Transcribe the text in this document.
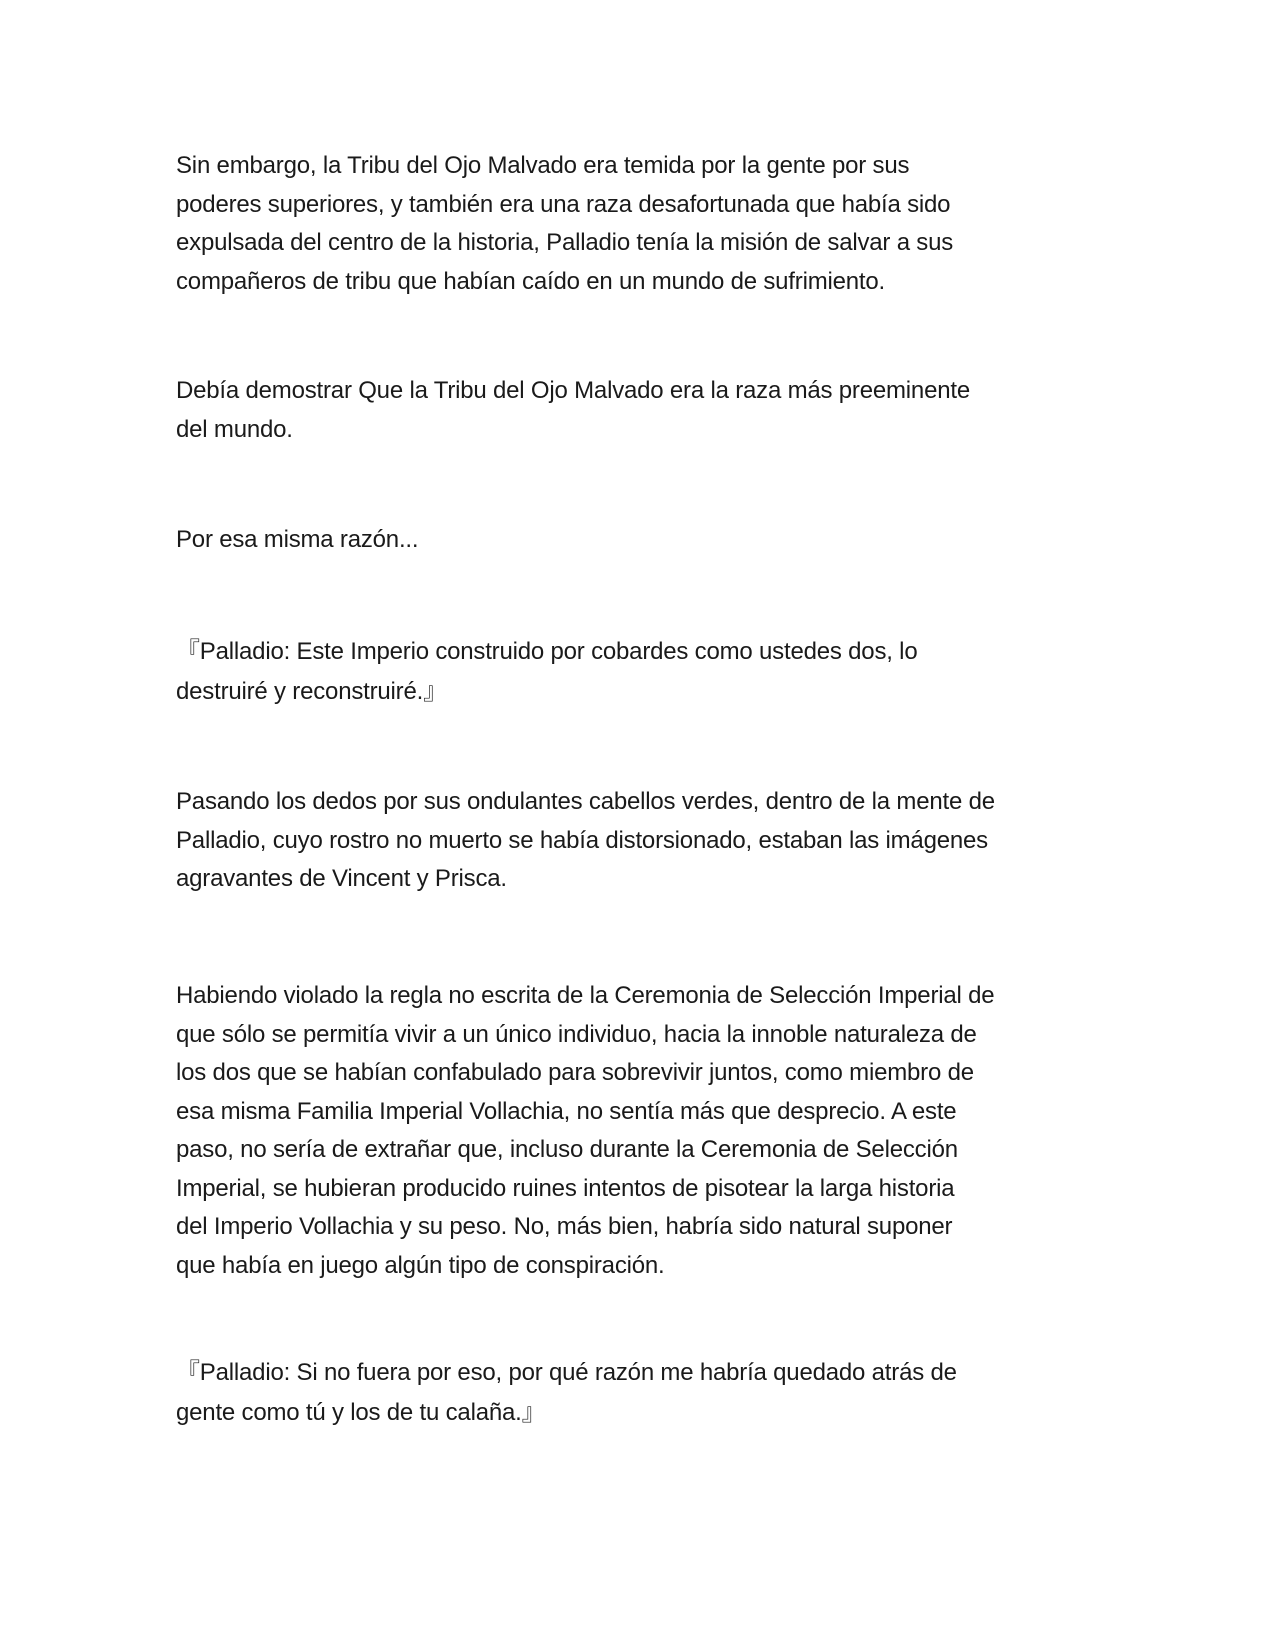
Sin embargo, la Tribu del Ojo Malvado era temida por la gente por sus
poderes superiores, y también era una raza desafortunada que había sido
expulsada del centro de la historia, Palladio tenía la misión de salvar a sus
compañeros de tribu que habían caído en un mundo de sufrimiento.

Debía demostrar Que la Tribu del Ojo Malvado era la raza más preeminente
del mundo.

Por esa misma razón...

『Palladio: Este Imperio construido por cobardes como ustedes dos, lo
destruiré y reconstruiré.』

Pasando los dedos por sus ondulantes cabellos verdes, dentro de la mente de
Palladio, cuyo rostro no muerto se había distorsionado, estaban las imágenes
agravantes de Vincent y Prisca.

Habiendo violado la regla no escrita de la Ceremonia de Selección Imperial de
que sólo se permitía vivir a un único individuo, hacia la innoble naturaleza de
los dos que se habían confabulado para sobrevivir juntos, como miembro de
esa misma Familia Imperial Vollachia, no sentía más que desprecio. A este
paso, no sería de extrañar que, incluso durante la Ceremonia de Selección
Imperial, se hubieran producido ruines intentos de pisotear la larga historia
del Imperio Vollachia y su peso. No, más bien, habría sido natural suponer
que había en juego algún tipo de conspiración.

『Palladio: Si no fuera por eso, por qué razón me habría quedado atrás de
gente como tú y los de tu calaña.』
